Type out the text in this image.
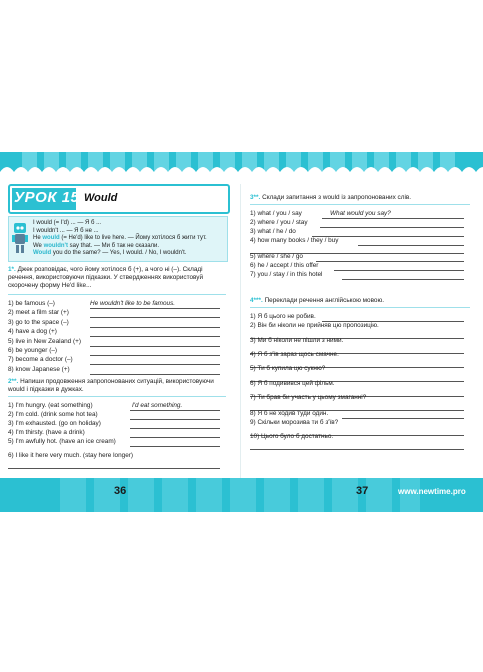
УРОК 15. Would
I would (= I'd) ... — Я б ...
I wouldn't ... — Я б не ...
He would (= He'd) like to live here. — Йому хотілося б жити тут.
We wouldn't say that. — Ми б так не сказали.
Would you do the same? — Yes, I would. / No, I wouldn't.
1*. Джек розповідає, чого йому хотілося б (+), а чого ні (–). Складі речення, використовуючи підказки. У ствердженнях використовуй скорочену форму He'd like...
1) be famous (–)	He wouldn't like to be famous.
2) meet a film star (+)
3) go to the space (–)
4) have a dog (+)
5) live in New Zealand (+)
6) be younger (–)
7) become a doctor (–)
8) know Japanese (+)
2**. Напиши продовження запропонованих ситуацій, використовуючи would і підказки в дужках.
1) I'm hungry. (eat something)	I'd eat something.
2) I'm cold. (drink some hot tea)
3) I'm exhausted. (go on holiday)
4) I'm thirsty. (have a drink)
5) I'm awfully hot. (have an ice cream)
6) I like it here very much. (stay here longer)
3**. Склади запитання з would із запропонованих слів.
1) what / you / say	What would you say?
2) where / you / stay
3) what / he / do
4) how many books / they / buy
5) where / she / go
6) he / accept / this offer
7) you / stay / in this hotel
4***. Переклади речення англійською мовою.
1) Я б цього не робив.
2) Він би ніколи не прийняв цю пропозицію.
3) Ми б ніколи не пішли з ними.
4) Я б з'їв зараз щось смачне.
5) Ти б купила цю сукню?
6) Я б подивився цей фільм.
7) Ти брав би участь у цьому змаганні?
8) Я б не ходив туди один.
9) Скільки морозива ти б з'їв?
10) Цього було б достатньо.
36	37	www.newtime.pro
